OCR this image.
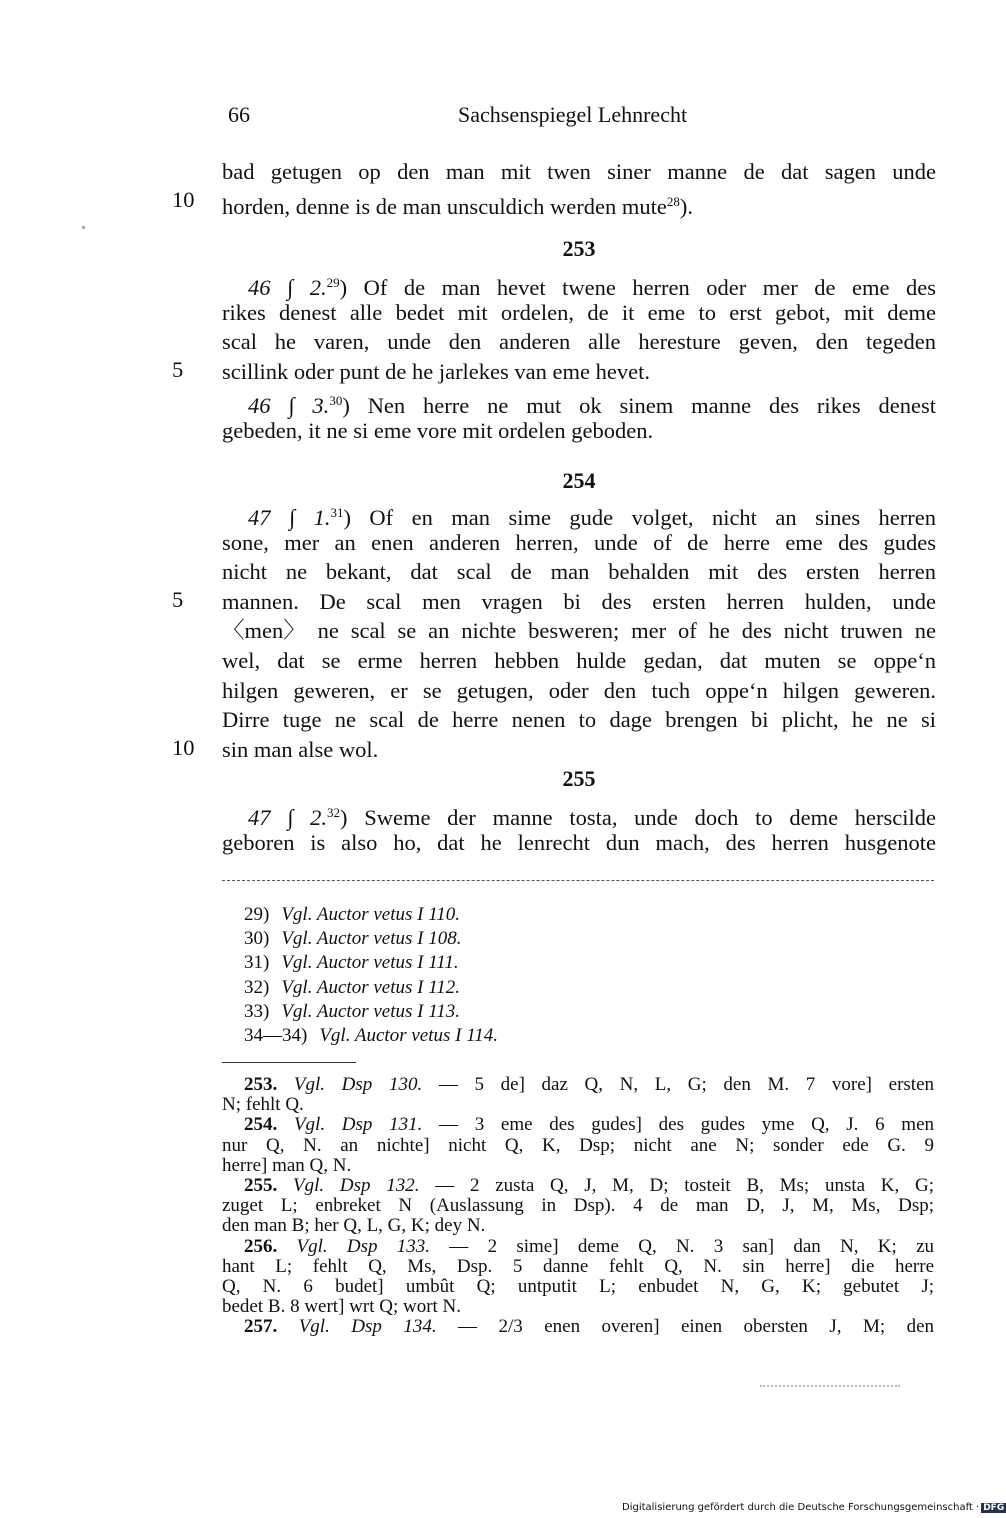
66	Sachsenspiegel Lehnrecht
bad getugen op den man mit twen siner manne de dat sagen unde
horden, denne is de man unsculdich werden mute$^{28}$).
10
253
46 ∫ 2.29) Of de man hevet twene herren oder mer de eme des
rikes denest alle bedet mit ordelen, de it eme to erst gebot, mit deme
scal he varen, unde den anderen alle heresture geven, den tegeden
scillink oder punt de he jarlekes van eme hevet.
46 ∫ 3.30) Nen herre ne mut ok sinem manne des rikes denest
gebeden, it ne si eme vore mit ordelen geboden.
5
254
47 ∫ 1.31) Of en man sime gude volget, nicht an sines herren
sone, mer an enen anderen herren, unde of de herre eme des gudes
nicht ne bekant, dat scal de man behalden mit des ersten herren
mannen. De scal men vragen bi des ersten herren hulden, unde
〈men〉 ne scal se an nichte besweren; mer of he des nicht truwen ne
wel, dat se erme herren hebben hulde gedan, dat muten se oppe‘n
hilgen geweren, er se getugen, oder den tuch oppe‘n hilgen geweren.
Dirre tuge ne scal de herre nenen to dage brengen bi plicht, he ne si
sin man alse wol.
5
10
255
47 ∫ 2.32) Sweme der manne tosta, unde doch to deme herscilde
geboren is also ho, dat he lenrecht dun mach, des herren husgenote
29) Vgl. Auctor vetus I 110.
30) Vgl. Auctor vetus I 108.
31) Vgl. Auctor vetus I 111.
32) Vgl. Auctor vetus I 112.
33) Vgl. Auctor vetus I 113.
34—34) Vgl. Auctor vetus I 114.
253. Vgl. Dsp 130. — 5 de] daz Q, N, L, G; den M. 7 vore] ersten
N; fehlt Q.
254. Vgl. Dsp 131. — 3 eme des gudes] des gudes yme Q, J. 6 men
nur Q, N. an nichte] nicht Q, K, Dsp; nicht ane N; sonder ede G. 9
herre] man Q, N.
255. Vgl. Dsp 132. — 2 zusta Q, J, M, D; tosteit B, Ms; unsta K, G;
zuget L; enbreket N (Auslassung in Dsp). 4 de man D, J, M, Ms, Dsp;
den man B; her Q, L, G, K; dey N.
256. Vgl. Dsp 133. — 2 sime] deme Q, N. 3 san] dan N, K; zu
hant L; fehlt Q, Ms, Dsp. 5 danne fehlt Q, N. sin herre] die herre
Q, N. 6 budet] umbût Q; untputit L; enbudet N, G, K; gebutet J;
bedet B. 8 wert] wrt Q; wort N.
257. Vgl. Dsp 134. — 2/3 enen overen] einen obersten J, M; den
Digitalisierung gefördert durch die Deutsche Forschungsgemeinschaft · DFG
